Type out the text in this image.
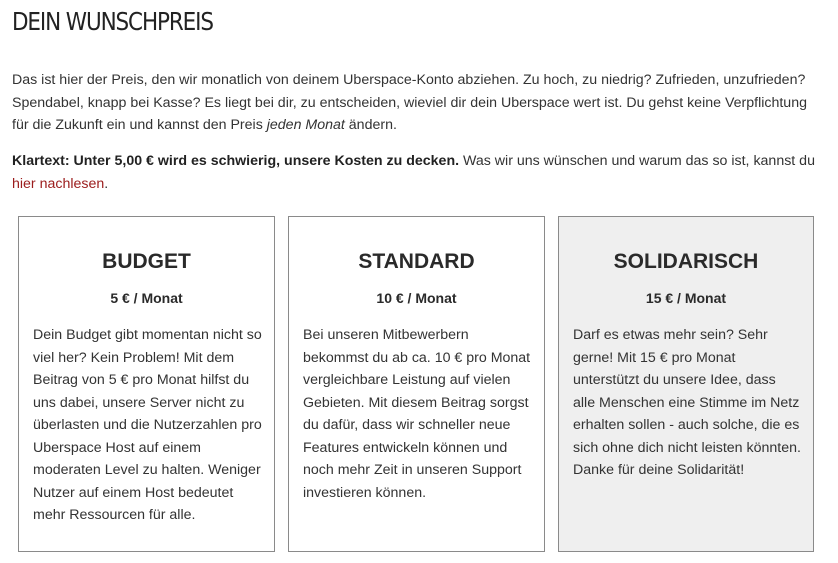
DEIN WUNSCHPREIS

Das ist hier der Preis, den wir monatlich von deinem Uberspace-Konto abziehen. Zu hoch, zu niedrig? Zufrieden, unzufrieden? Spendabel, knapp bei Kasse? Es liegt bei dir, zu entscheiden, wieviel dir dein Uberspace wert ist. Du gehst keine Verpflichtung für die Zukunft ein und kannst den Preis jeden Monat ändern.

Klartext: Unter 5,00 € wird es schwierig, unsere Kosten zu decken. Was wir uns wünschen und warum das so ist, kannst du hier nachlesen.

BUDGET

5 € / Monat

Dein Budget gibt momentan nicht so viel her? Kein Problem! Mit dem Beitrag von 5 € pro Monat hilfst du uns dabei, unsere Server nicht zu überlasten und die Nutzerzahlen pro Uberspace Host auf einem moderaten Level zu halten. Weniger Nutzer auf einem Host bedeutet mehr Ressourcen für alle.

STANDARD

10 € / Monat

Bei unseren Mitbewerbern bekommst du ab ca. 10 € pro Monat vergleichbare Leistung auf vielen Gebieten. Mit diesem Beitrag sorgst du dafür, dass wir schneller neue Features entwickeln können und noch mehr Zeit in unseren Support investieren können.

SOLIDARISCH

15 € / Monat

Darf es etwas mehr sein? Sehr gerne! Mit 15 € pro Monat unterstützt du unsere Idee, dass alle Menschen eine Stimme im Netz erhalten sollen - auch solche, die es sich ohne dich nicht leisten könnten. Danke für deine Solidarität!
